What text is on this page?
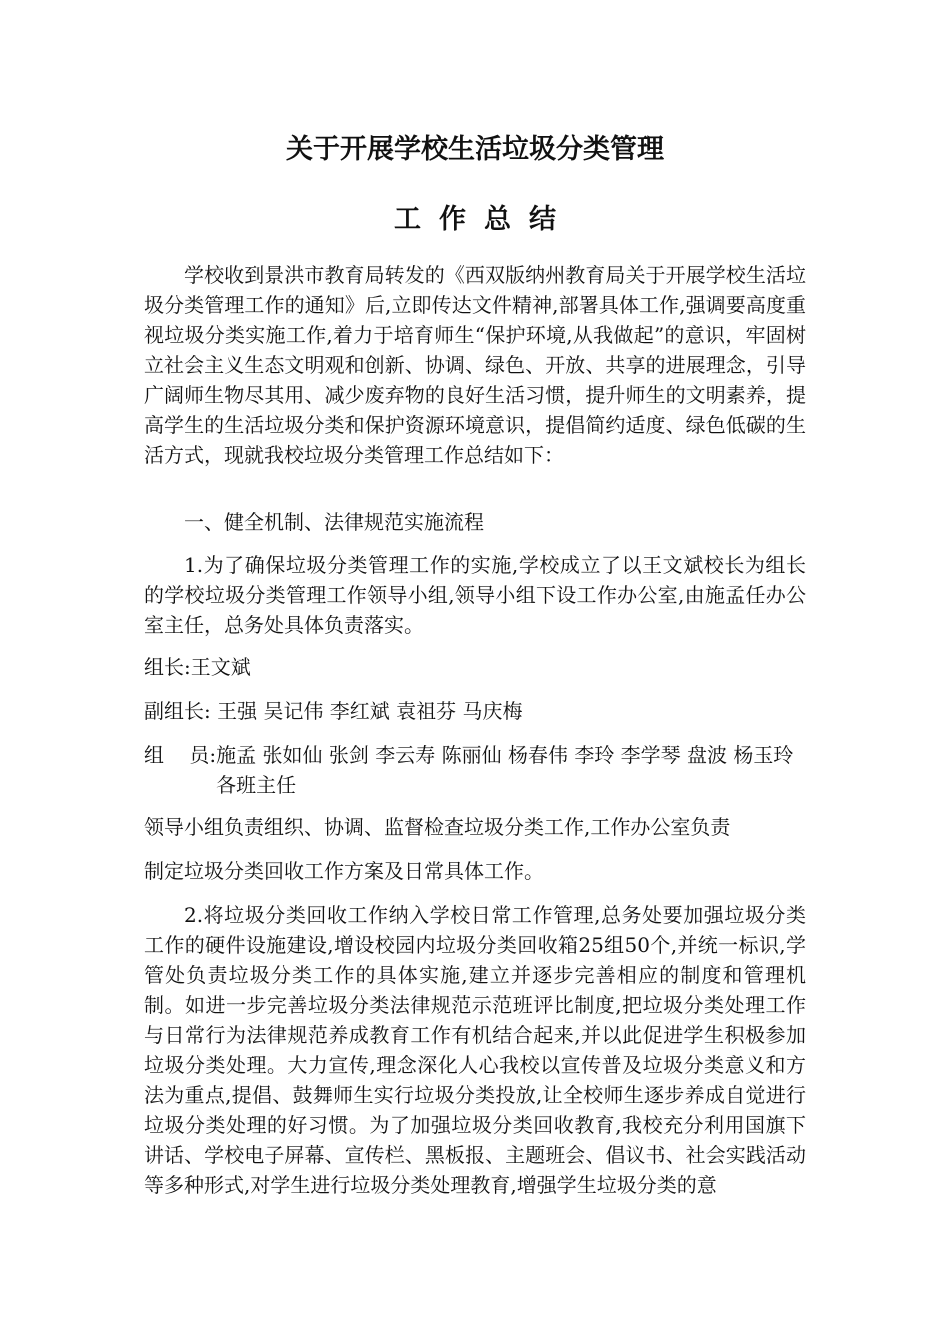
关于开展学校生活垃圾分类管理
工作总结

学校收到景洪市教育局转发的《西双版纳州教育局关于开展学校生活垃圾分类管理工作的通知》后,立即传达文件精神,部署具体工作,强调要高度重视垃圾分类实施工作,着力于培育师生“保护环境,从我做起”的意识，牢固树立社会主义生态文明观和创新、协调、绿色、开放、共享的进展理念，引导广阔师生物尽其用、减少废弃物的良好生活习惯，提升师生的文明素养，提高学生的生活垃圾分类和保护资源环境意识，提倡简约适度、绿色低碳的生活方式，现就我校垃圾分类管理工作总结如下：

一、健全机制、法律规范实施流程

1.为了确保垃圾分类管理工作的实施,学校成立了以王文斌校长为组长的学校垃圾分类管理工作领导小组,领导小组下设工作办公室,由施孟任办公室主任，总务处具体负责落实。

组长:王文斌

副组长: 王强 吴记伟 李红斌 袁祖芬 马庆梅

组    员: 施孟 张如仙 张剑 李云寿 陈丽仙 杨春伟 李玲 李学琴 盘波 杨玉玲 各班主任

领导小组负责组织、协调、监督检查垃圾分类工作,工作办公室负责

制定垃圾分类回收工作方案及日常具体工作。

2.将垃圾分类回收工作纳入学校日常工作管理,总务处要加强垃圾分类工作的硬件设施建设,增设校园内垃圾分类回收箱25组50个,并统一标识,学管处负责垃圾分类工作的具体实施,建立并逐步完善相应的制度和管理机制。如进一步完善垃圾分类法律规范示范班评比制度,把垃圾分类处理工作与日常行为法律规范养成教育工作有机结合起来,并以此促进学生积极参加垃圾分类处理。大力宣传,理念深化人心我校以宣传普及垃圾分类意义和方法为重点,提倡、鼓舞师生实行垃圾分类投放,让全校师生逐步养成自觉进行垃圾分类处理的好习惯。为了加强垃圾分类回收教育,我校充分利用国旗下讲话、学校电子屏幕、宣传栏、黑板报、主题班会、倡议书、社会实践活动等多种形式,对学生进行垃圾分类处理教育,增强学生垃圾分类的意
